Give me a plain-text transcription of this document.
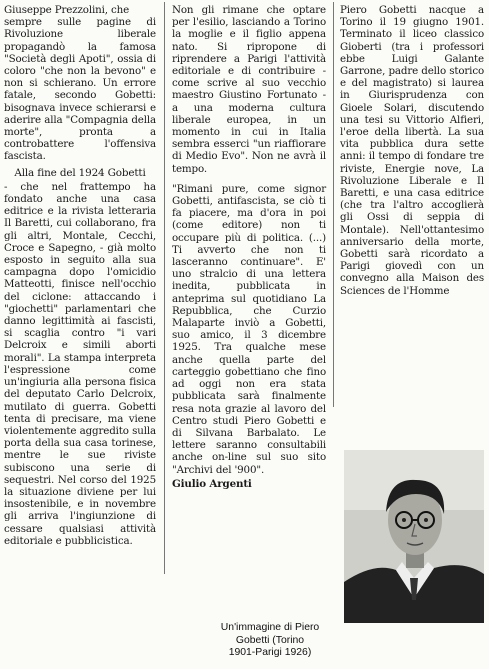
Giuseppe Prezzolini, che
sempre sulle pagine di Rivoluzione liberale propagandò la famosa "Società degli Apoti", ossia di coloro "che non la bevono" e non si schierano. Un errore fatale, secondo Gobetti: bisognava invece schierarsi e aderire alla "Compagnia della morte", pronta a controbattere l'offensiva fascista.

Alla fine del 1924 Gobetti

- che nel frattempo ha fondato anche una casa editrice e la rivista letteraria Il Baretti, cui collaborano, fra gli altri, Montale, Cecchi, Croce e Sapegno, - già molto esposto in seguito alla sua campagna dopo l'omicidio Matteotti, finisce nell'occhio del ciclone: attaccando i "giochetti" parlamentari che danno legittimità ai fascisti, si scaglia contro "i vari Delcroix e simili aborti morali". La stampa interpreta l'espressione come un'ingiuria alla persona fisica del deputato Carlo Delcroix, mutilato di guerra. Gobetti tenta di precisare, ma viene violentemente aggredito sulla porta della sua casa torinese, mentre le sue riviste subiscono una serie di sequestri. Nel corso del 1925 la situazione diviene per lui insostenibile, e in novembre gli arriva l'ingiunzione di cessare qualsiasi attività editoriale e pubblicistica.

Non gli rimane che optare per l'esilio, lasciando a Torino la moglie e il figlio appena nato. Si ripropone di riprendere a Parigi l'attività editoriale e di contribuire - come scrive al suo vecchio maestro Giustino Fortunato - a una moderna cultura liberale europea, in un momento in cui in Italia sembra esserci "un riaffiorare di Medio Evo". Non ne avrà il tempo.

"Rimani pure, come signor Gobetti, antifascista, se ciò ti fa piacere, ma d'ora in poi (come editore) non ti occupare più di politica. (...) Ti avverto che non ti lasceranno continuare". E' uno stralcio di una lettera inedita, pubblicata in anteprima sul quotidiano La Repubblica, che Curzio Malaparte inviò a Gobetti, suo amico, il 3 dicembre 1925. Tra qualche mese anche quella parte del carteggio gobettiano che fino ad oggi non era stata pubblicata sarà finalmente resa nota grazie al lavoro del Centro studi Piero Gobetti e di Silvana Barbalato. Le lettere saranno consultabili anche on-line sul suo sito "Archivi del '900".

Giulio Argenti

Piero Gobetti nacque a Torino il 19 giugno 1901. Terminato il liceo classico Gioberti (tra i professori ebbe Luigi Galante Garrone, padre dello storico e del magistrato) si laurea in Giurisprudenza con Gioele Solari, discutendo una tesi su Vittorio Alfieri, l'eroe della libertà. La sua vita pubblica dura sette anni: il tempo di fondare tre riviste, Energie nove, La Rivoluzione Liberale e Il Baretti, e una casa editrice (che tra l'altro accoglierà gli Ossi di seppia di Montale). Nell'ottantesimo anniversario della morte, Gobetti sarà ricordato a Parigi giovedì con un convegno alla Maison des Sciences de l'Homme

Un'immagine di Piero
Gobetti (Torino
1901-Parigi 1926)
